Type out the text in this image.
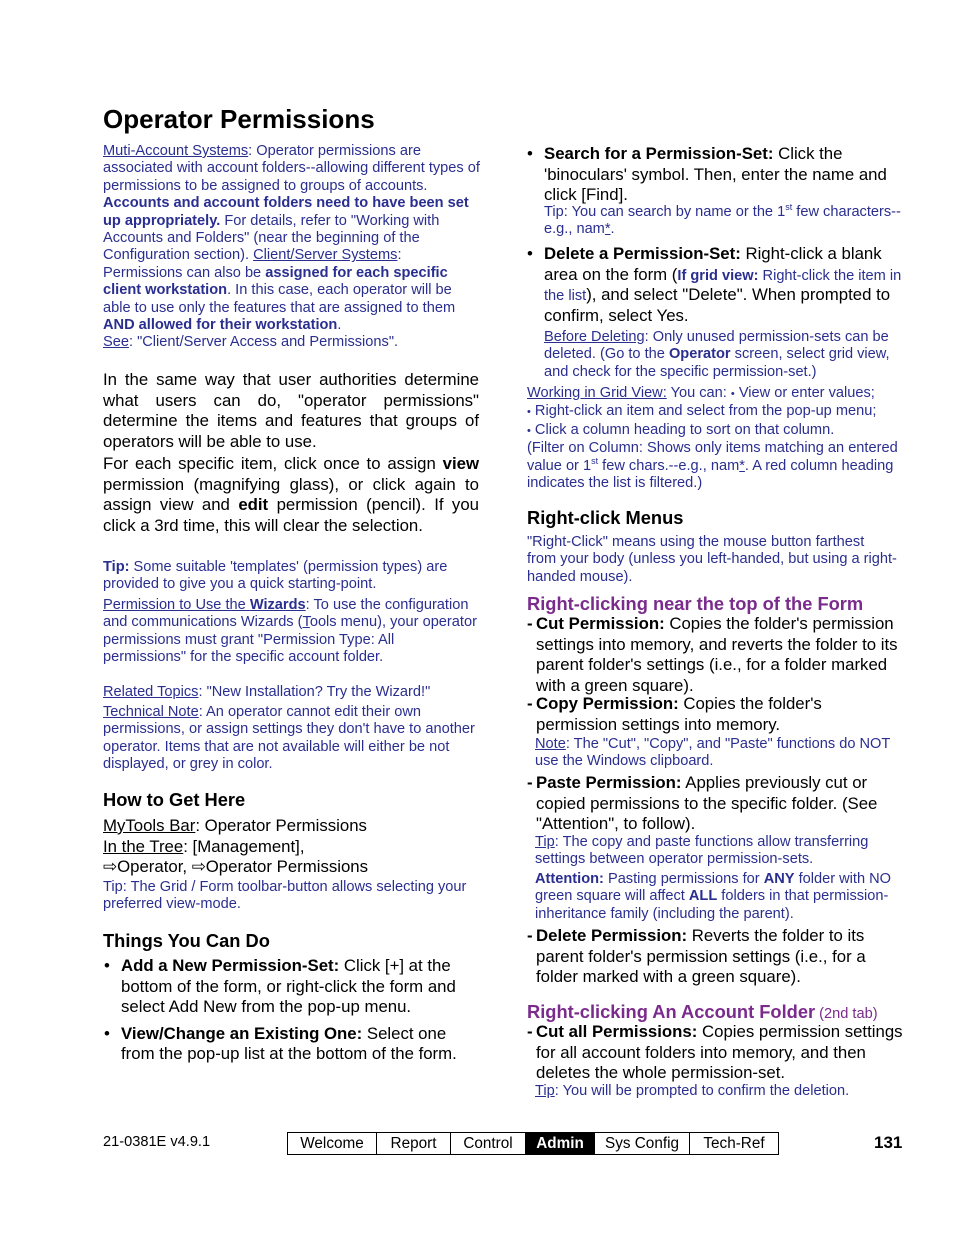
Operator Permissions
Muti-Account Systems: Operator permissions are associated with account folders--allowing different types of permissions to be assigned to groups of accounts. Accounts and account folders need to have been set up appropriately. For details, refer to "Working with Accounts and Folders" (near the beginning of the Configuration section). Client/Server Systems: Permissions can also be assigned for each specific client workstation. In this case, each operator will be able to use only the features that are assigned to them AND allowed for their workstation.
See: "Client/Server Access and Permissions".
In the same way that user authorities determine what users can do, "operator permissions" determine the items and features that groups of operators will be able to use.
For each specific item, click once to assign view permission (magnifying glass), or click again to assign view and edit permission (pencil). If you click a 3rd time, this will clear the selection.
Tip: Some suitable 'templates' (permission types) are provided to give you a quick starting-point.
Permission to Use the Wizards: To use the configuration and communications Wizards (Tools menu), your operator permissions must grant "Permission Type: All permissions" for the specific account folder.
Related Topics: "New Installation? Try the Wizard!"
Technical Note: An operator cannot edit their own permissions, or assign settings they don't have to another operator. Items that are not available will either be not displayed, or grey in color.
How to Get Here
MyTools Bar: Operator Permissions
In the Tree: [Management],
⇨Operator, ⇨Operator Permissions
Tip: The Grid / Form toolbar-button allows selecting your preferred view-mode.
Things You Can Do
• Add a New Permission-Set: Click [+] at the bottom of the form, or right-click the form and select Add New from the pop-up menu.
• View/Change an Existing One: Select one from the pop-up list at the bottom of the form.
• Search for a Permission-Set: Click the 'binoculars' symbol. Then, enter the name and click [Find].
Tip: You can search by name or the 1st few characters--e.g., nam*.
• Delete a Permission-Set: Right-click a blank area on the form (If grid view: Right-click the item in the list), and select "Delete". When prompted to confirm, select Yes.
Before Deleting: Only unused permission-sets can be deleted. (Go to the Operator screen, select grid view, and check for the specific permission-set.)
Working in Grid View: You can: • View or enter values;
• Right-click an item and select from the pop-up menu;
• Click a column heading to sort on that column.
(Filter on Column: Shows only items matching an entered value or 1st few chars.--e.g., nam*. A red column heading indicates the list is filtered.)
Right-click Menus
"Right-Click" means using the mouse button farthest from your body (unless you left-handed, but using a right-handed mouse).
Right-clicking near the top of the Form
- Cut Permission: Copies the folder's permission settings into memory, and reverts the folder to its parent folder's settings (i.e., for a folder marked with a green square).
- Copy Permission: Copies the folder's permission settings into memory.
Note: The "Cut", "Copy", and "Paste" functions do NOT use the Windows clipboard.
- Paste Permission: Applies previously cut or copied permissions to the specific folder. (See "Attention", to follow).
Tip: The copy and paste functions allow transferring settings between operator permission-sets.
Attention: Pasting permissions for ANY folder with NO green square will affect ALL folders in that permission-inheritance family (including the parent).
- Delete Permission: Reverts the folder to its parent folder's permission settings (i.e., for a folder marked with a green square).
Right-clicking An Account Folder (2nd tab)
- Cut all Permissions: Copies permission settings for all account folders into memory, and then deletes the whole permission-set.
Tip: You will be prompted to confirm the deletion.
21-0381E v4.9.1	Welcome	Report	Control	Admin	Sys Config	Tech-Ref	131
